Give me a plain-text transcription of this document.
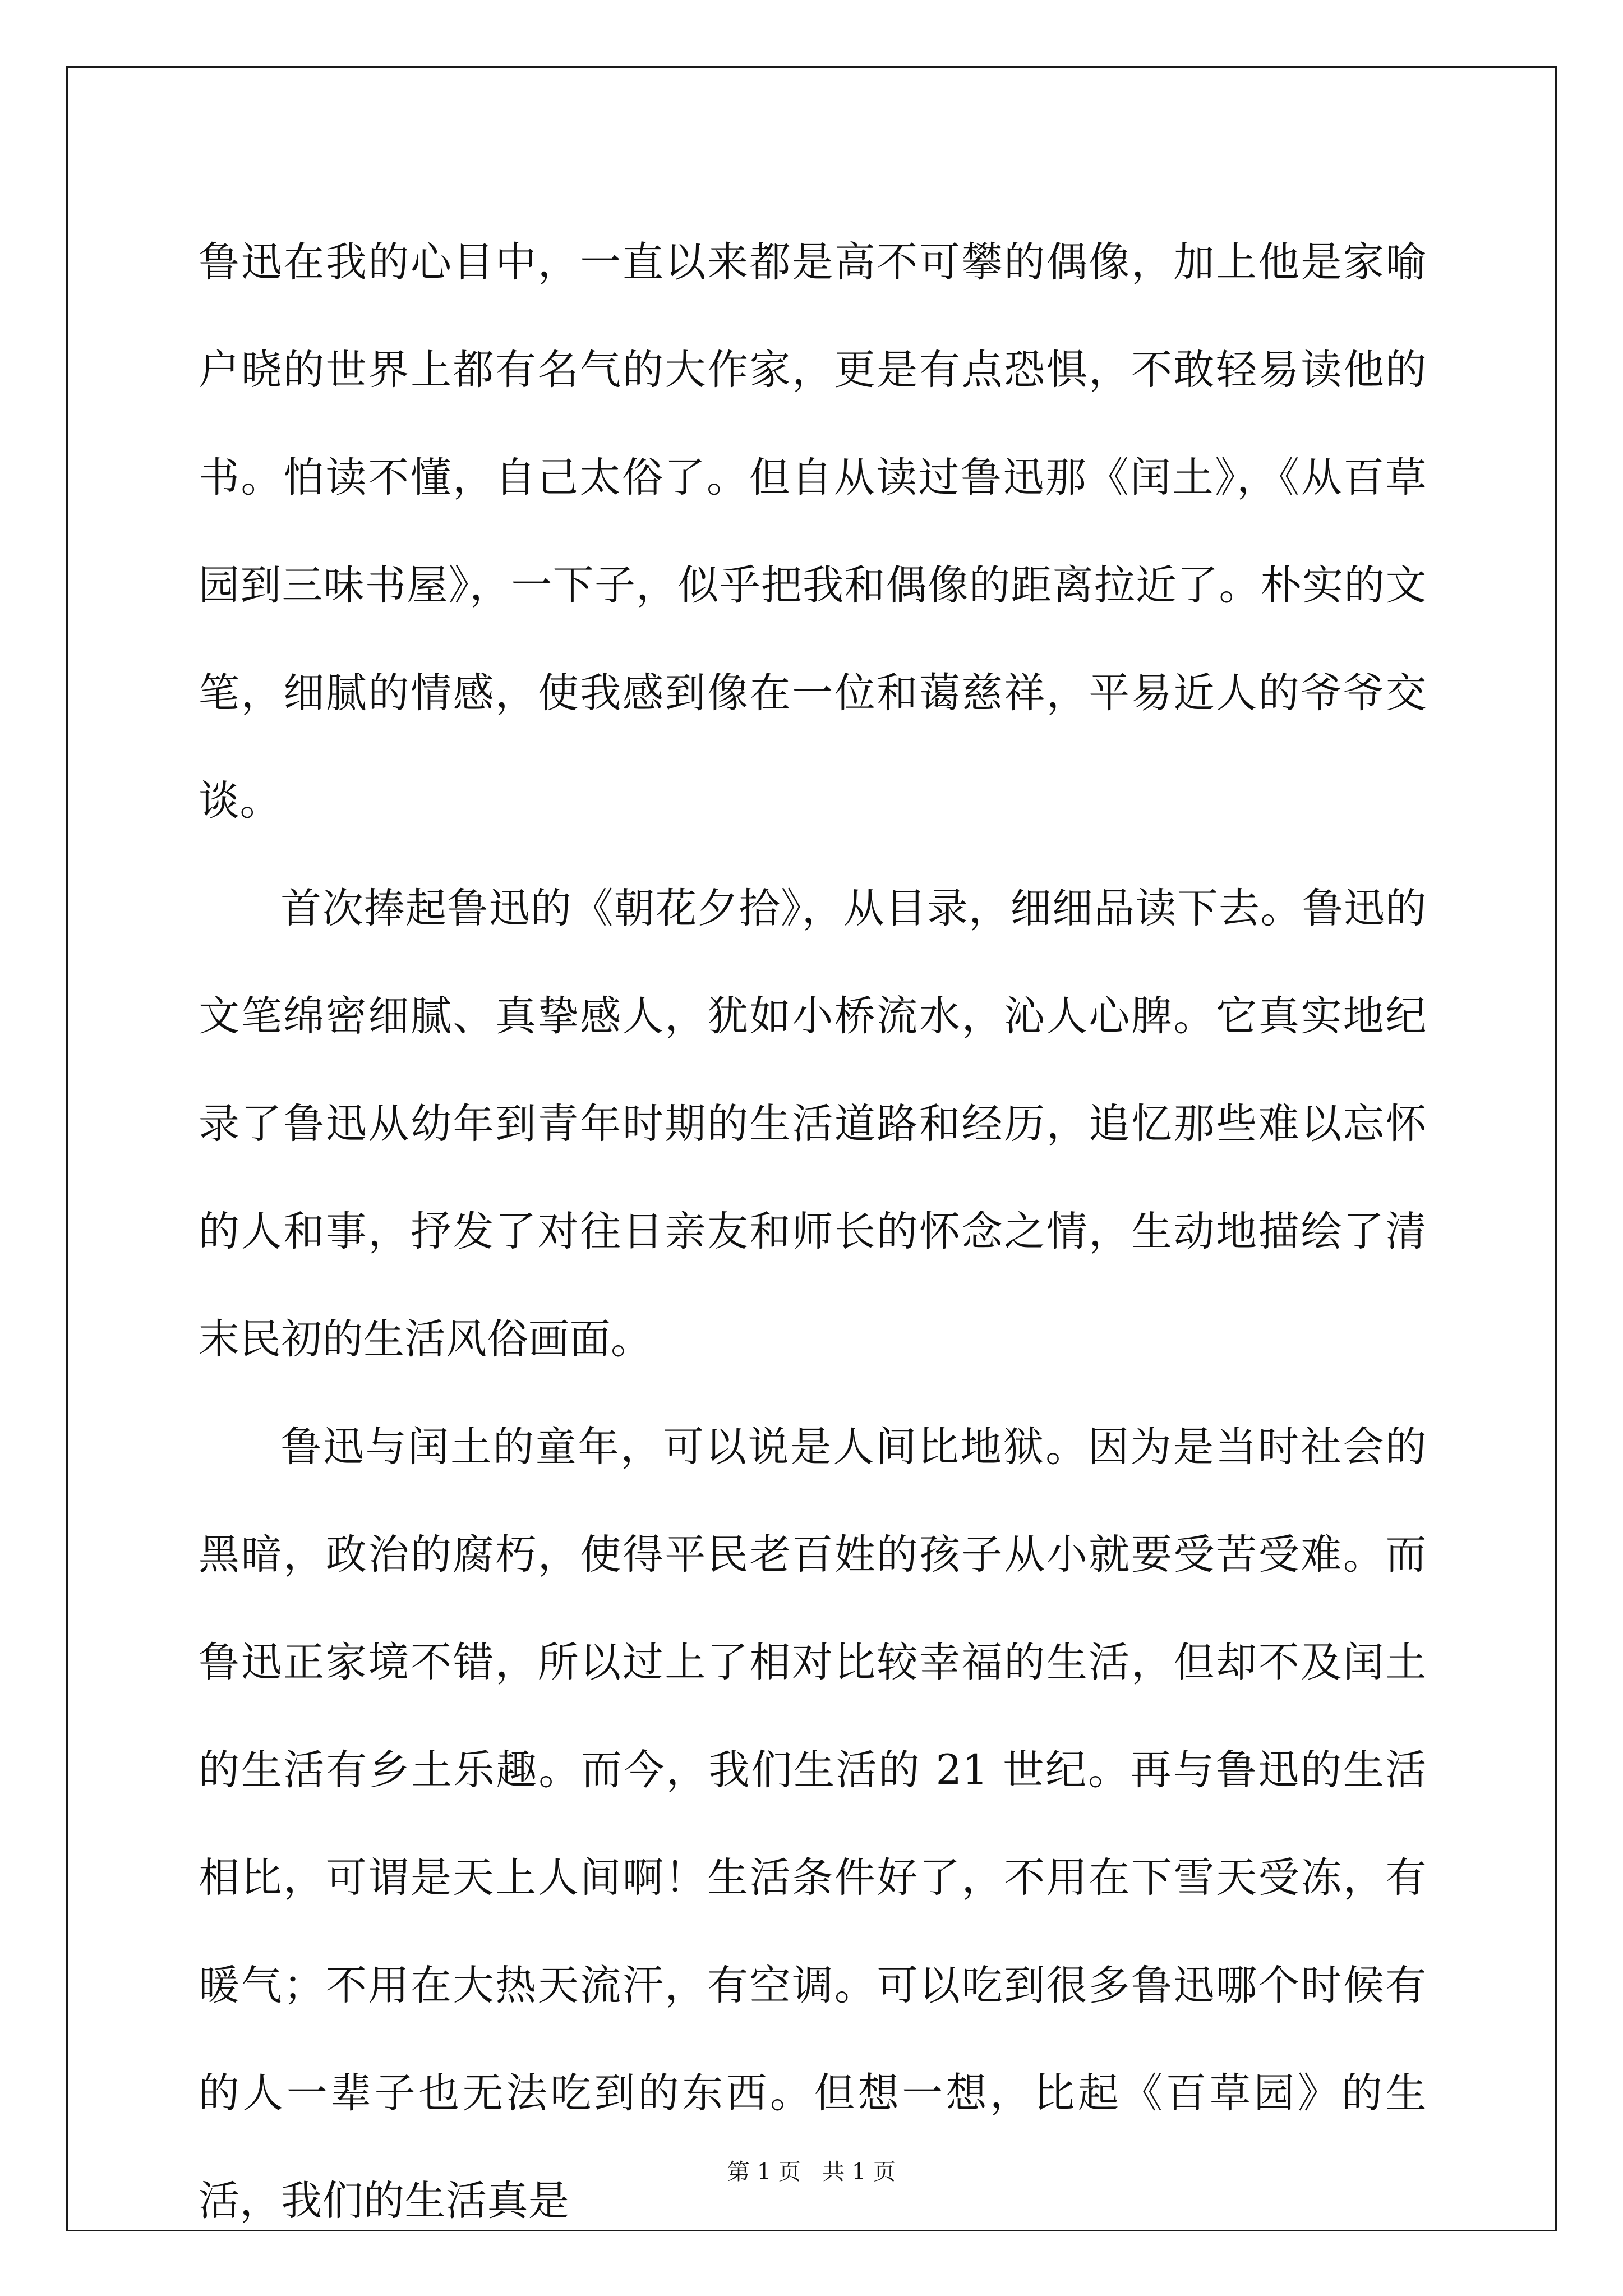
鲁迅在我的心目中，一直以来都是高不可攀的偶像，加上他是家喻户晓的世界上都有名气的大作家，更是有点恐惧，不敢轻易读他的书。怕读不懂，自己太俗了。但自从读过鲁迅那《闰土》，《从百草园到三味书屋》，一下子，似乎把我和偶像的距离拉近了。朴实的文笔，细腻的情感，使我感到像在一位和蔼慈祥，平易近人的爷爷交谈。

首次捧起鲁迅的《朝花夕拾》，从目录，细细品读下去。鲁迅的文笔绵密细腻、真挚感人，犹如小桥流水，沁人心脾。它真实地纪录了鲁迅从幼年到青年时期的生活道路和经历，追忆那些难以忘怀的人和事，抒发了对往日亲友和师长的怀念之情，生动地描绘了清末民初的生活风俗画面。

鲁迅与闰土的童年，可以说是人间比地狱。因为是当时社会的黑暗，政治的腐朽，使得平民老百姓的孩子从小就要受苦受难。而鲁迅正家境不错，所以过上了相对比较幸福的生活，但却不及闰土的生活有乡土乐趣。而今，我们生活的 21 世纪。再与鲁迅的生活相比，可谓是天上人间啊！生活条件好了，不用在下雪天受冻，有暖气；不用在大热天流汗，有空调。可以吃到很多鲁迅哪个时候有的人一辈子也无法吃到的东西。但想一想，比起《百草园》的生活，我们的生活真是

第 1 页   共 1 页
